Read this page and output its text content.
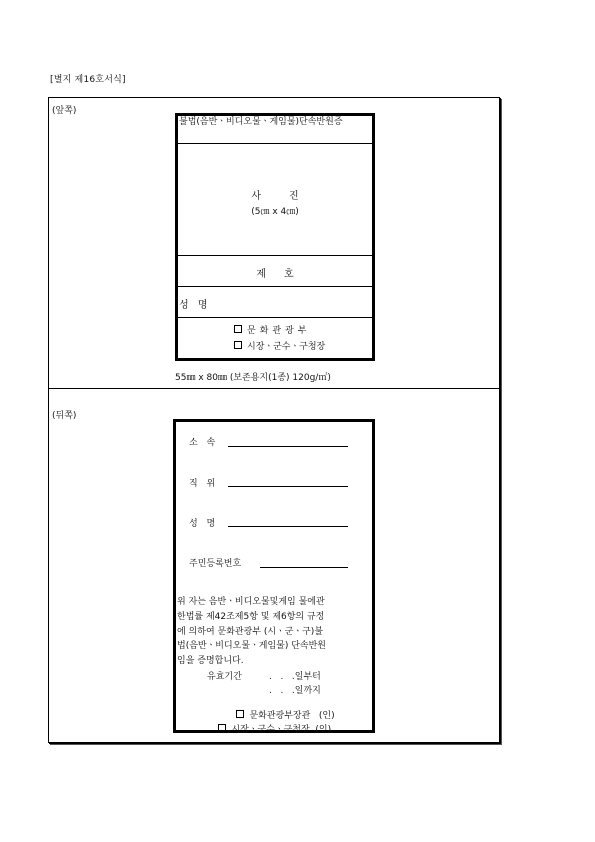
[별지 제16호서식]
(앞쪽)
불법(음반ㆍ비디오물ㆍ게임물)단속반원증
사진
(5㎝ x 4㎝)
제호
성 명
문화관광부
시장ㆍ군수ㆍ구청장
55㎜ x 80㎜ (보존용지(1종) 120g/㎡)
(뒤쪽)
소 속
직 위
성 명
주민등록번호
위 자는 음반ㆍ비디오물및게임 물에관
한법률 제42조제5항 및 제6항의 규정
에 의하여 문화관광부 (시ㆍ군ㆍ구)불
법(음반ㆍ비디오물ㆍ게임물) 단속반원
임을 증명합니다.
유효기간	.   .   .일부터
.   .   .일까지

문화관광부장관   (인)

시장ㆍ군수ㆍ구청장  (인)
